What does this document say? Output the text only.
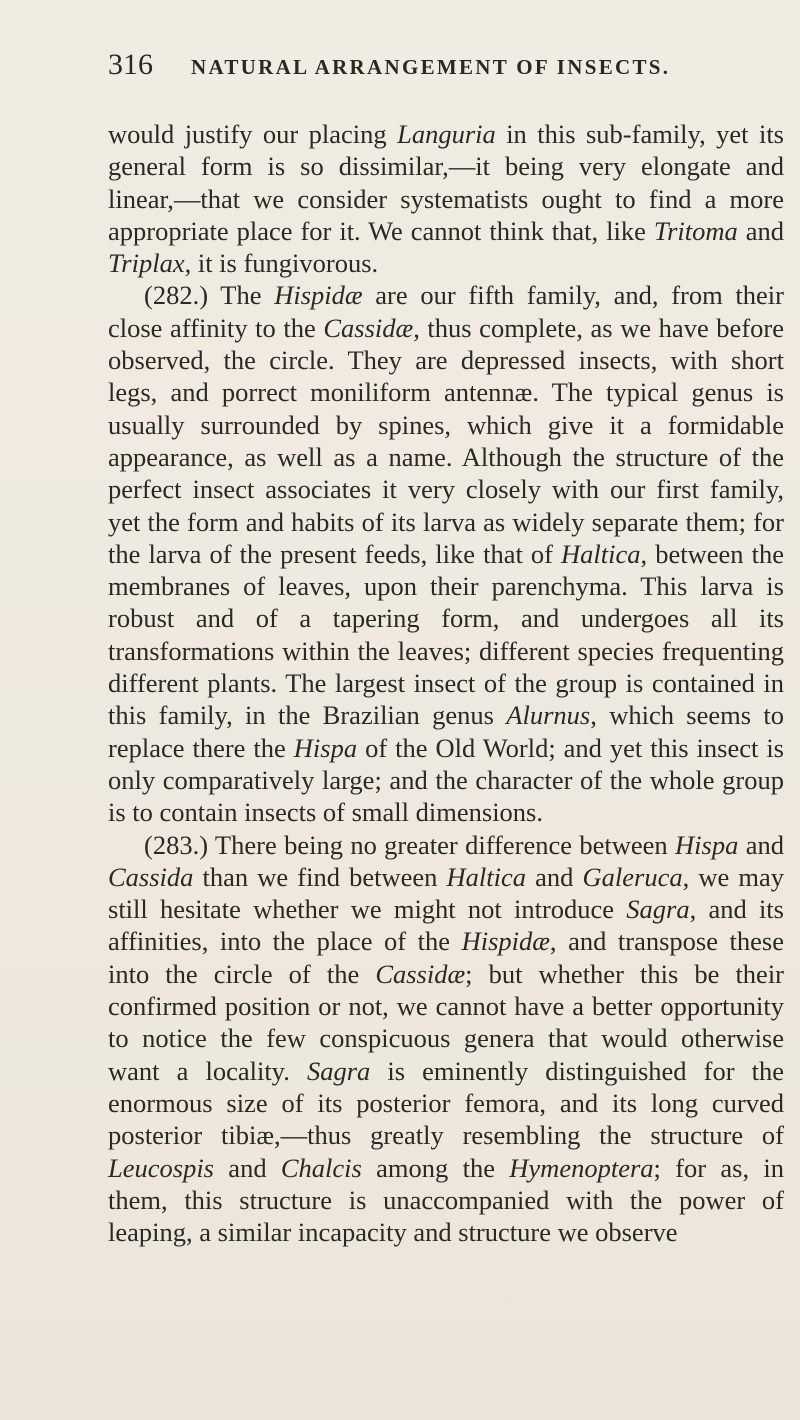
316 NATURAL ARRANGEMENT OF INSECTS.

would justify our placing Languria in this sub-family, yet its general form is so dissimilar,—it being very elongate and linear,—that we consider systematists ought to find a more appropriate place for it. We cannot think that, like Tritoma and Triplax, it is fungivorous.

(282.) The Hispidæ are our fifth family, and, from their close affinity to the Cassidæ, thus complete, as we have before observed, the circle. They are depressed insects, with short legs, and porrect moniliform antennæ. The typical genus is usually surrounded by spines, which give it a formidable appearance, as well as a name. Although the structure of the perfect insect associates it very closely with our first family, yet the form and habits of its larva as widely separate them; for the larva of the present feeds, like that of Haltica, between the membranes of leaves, upon their parenchyma. This larva is robust and of a tapering form, and undergoes all its transformations within the leaves; different species frequenting different plants. The largest insect of the group is contained in this family, in the Brazilian genus Alurnus, which seems to replace there the Hispa of the Old World; and yet this insect is only comparatively large; and the character of the whole group is to contain insects of small dimensions.

(283.) There being no greater difference between Hispa and Cassida than we find between Haltica and Galeruca, we may still hesitate whether we might not introduce Sagra, and its affinities, into the place of the Hispidæ, and transpose these into the circle of the Cassidæ; but whether this be their confirmed position or not, we cannot have a better opportunity to notice the few conspicuous genera that would otherwise want a locality. Sagra is eminently distinguished for the enormous size of its posterior femora, and its long curved posterior tibiæ,—thus greatly resembling the structure of Leucospis and Chalcis among the Hymenoptera; for as, in them, this structure is unaccompanied with the power of leaping, a similar incapacity and structure we observe
